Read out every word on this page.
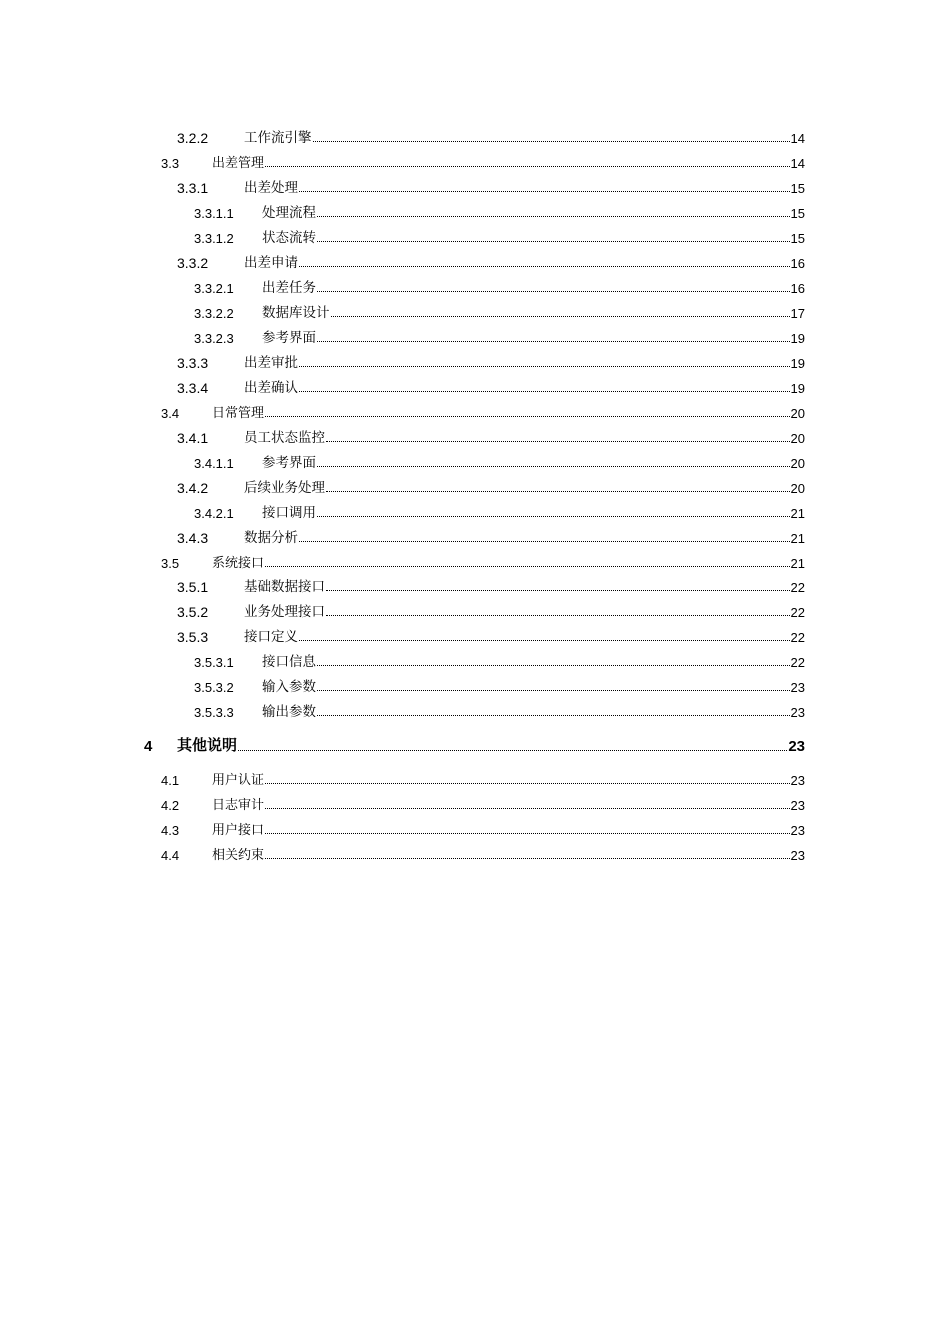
3.2.2	工作流引擎	14
3.3	出差管理	14
3.3.1	出差处理	15
3.3.1.1	处理流程	15
3.3.1.2	状态流转	15
3.3.2	出差申请	16
3.3.2.1	出差任务	16
3.3.2.2	数据库设计	17
3.3.2.3	参考界面	19
3.3.3	出差审批	19
3.3.4	出差确认	19
3.4	日常管理	20
3.4.1	员工状态监控	20
3.4.1.1	参考界面	20
3.4.2	后续业务处理	20
3.4.2.1	接口调用	21
3.4.3	数据分析	21
3.5	系统接口	21
3.5.1	基础数据接口	22
3.5.2	业务处理接口	22
3.5.3	接口定义	22
3.5.3.1	接口信息	22
3.5.3.2	输入参数	23
3.5.3.3	输出参数	23
4	其他说明	23
4.1	用户认证	23
4.2	日志审计	23
4.3	用户接口	23
4.4	相关约束	23
